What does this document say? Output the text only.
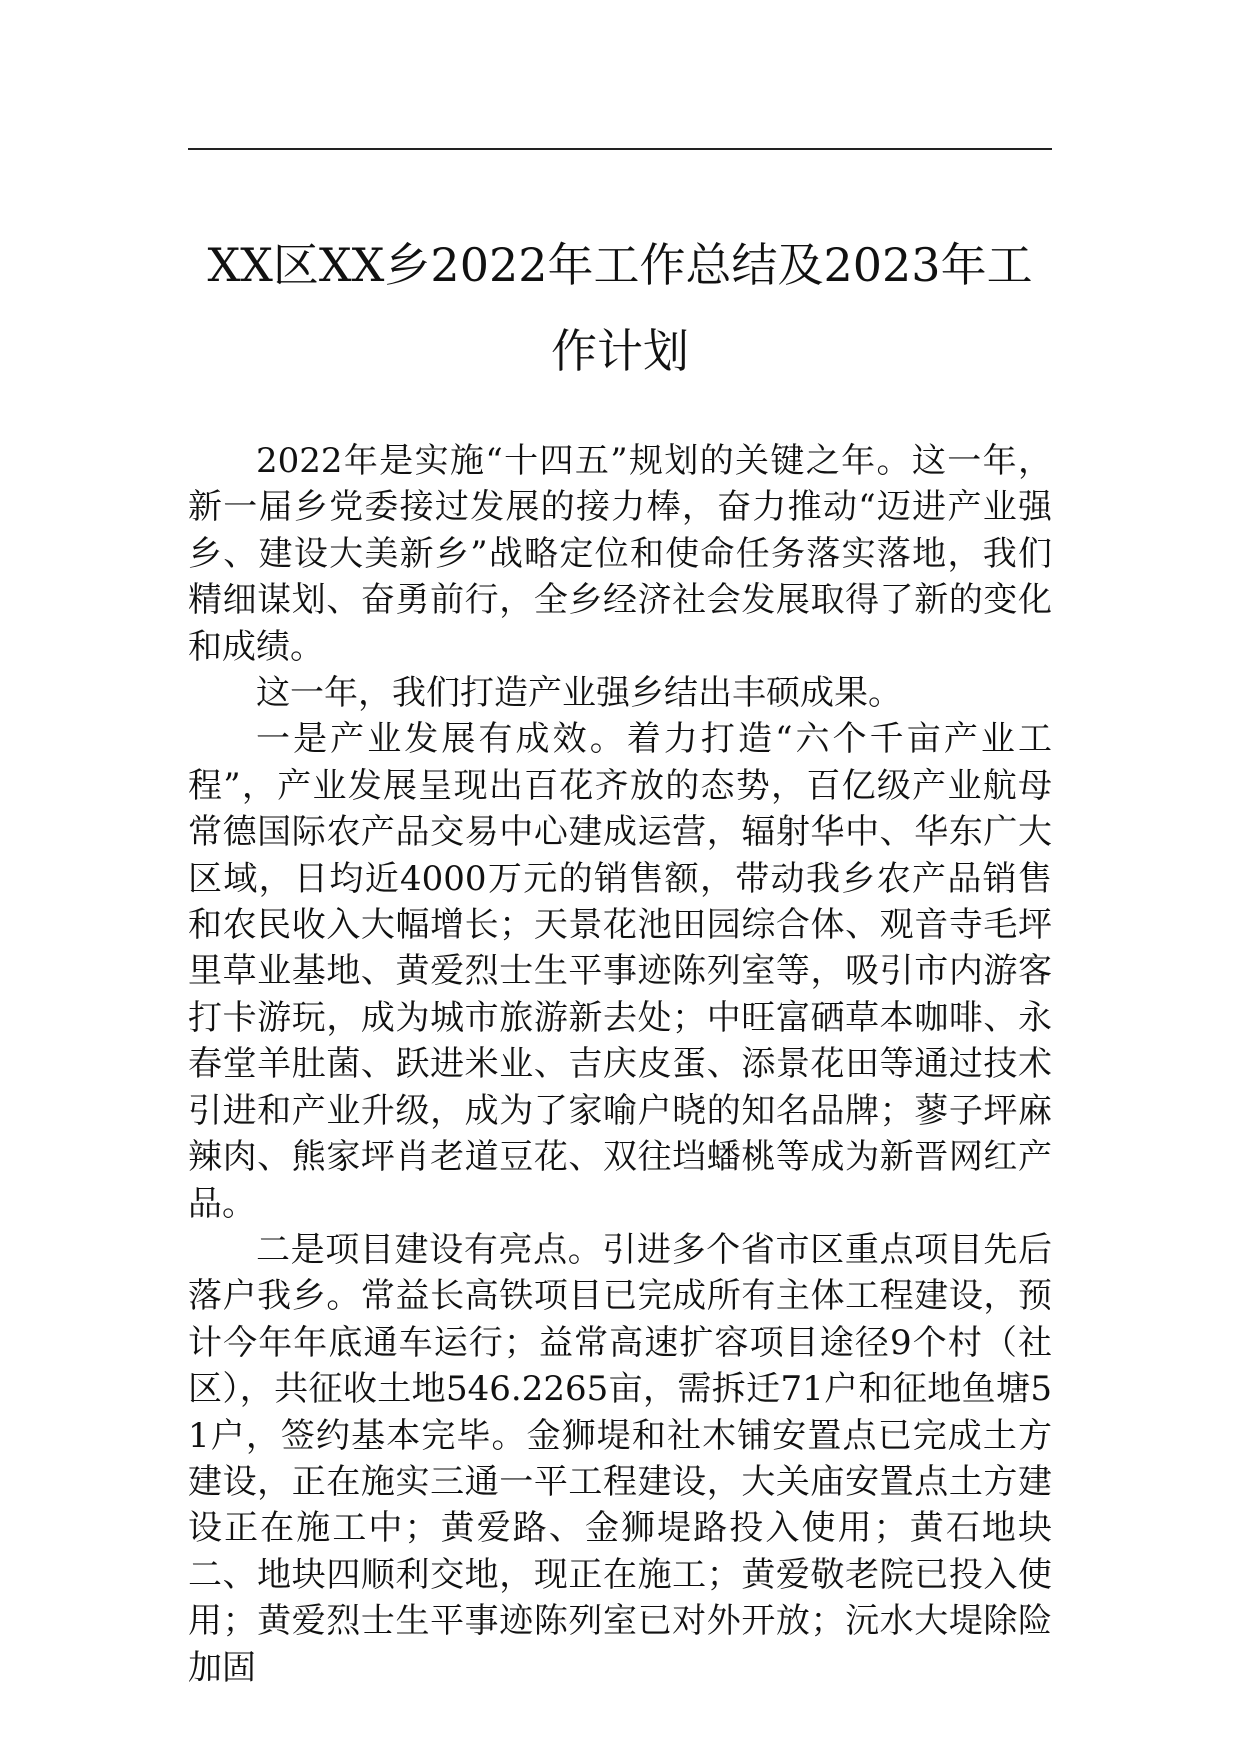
XX区XX乡2022年工作总结及2023年工
作计划

2022年是实施“十四五”规划的关键之年。这一年，新一届乡党委接过发展的接力棒，奋力推动“迈进产业强乡、建设大美新乡”战略定位和使命任务落实落地，我们精细谋划、奋勇前行，全乡经济社会发展取得了新的变化和成绩。

这一年，我们打造产业强乡结出丰硕成果。

一是产业发展有成效。着力打造“六个千亩产业工程”，产业发展呈现出百花齐放的态势，百亿级产业航母常德国际农产品交易中心建成运营，辐射华中、华东广大区域，日均近4000万元的销售额，带动我乡农产品销售和农民收入大幅增长；天景花池田园综合体、观音寺毛坪里草业基地、黄爱烈士生平事迹陈列室等，吸引市内游客打卡游玩，成为城市旅游新去处；中旺富硒草本咖啡、永春堂羊肚菌、跃进米业、吉庆皮蛋、添景花田等通过技术引进和产业升级，成为了家喻户晓的知名品牌；蓼子坪麻辣肉、熊家坪肖老道豆花、双往垱蟠桃等成为新晋网红产品。

二是项目建设有亮点。引进多个省市区重点项目先后落户我乡。常益长高铁项目已完成所有主体工程建设，预计今年年底通车运行；益常高速扩容项目途径9个村（社区），共征收土地546.2265亩，需拆迁71户和征地鱼塘51户，签约基本完毕。金狮堤和社木铺安置点已完成土方建设，正在施实三通一平工程建设，大关庙安置点土方建设正在施工中；黄爱路、金狮堤路投入使用；黄石地块二、地块四顺利交地，现正在施工；黄爱敬老院已投入使用；黄爱烈士生平事迹陈列室已对外开放；沅水大堤除险加固
